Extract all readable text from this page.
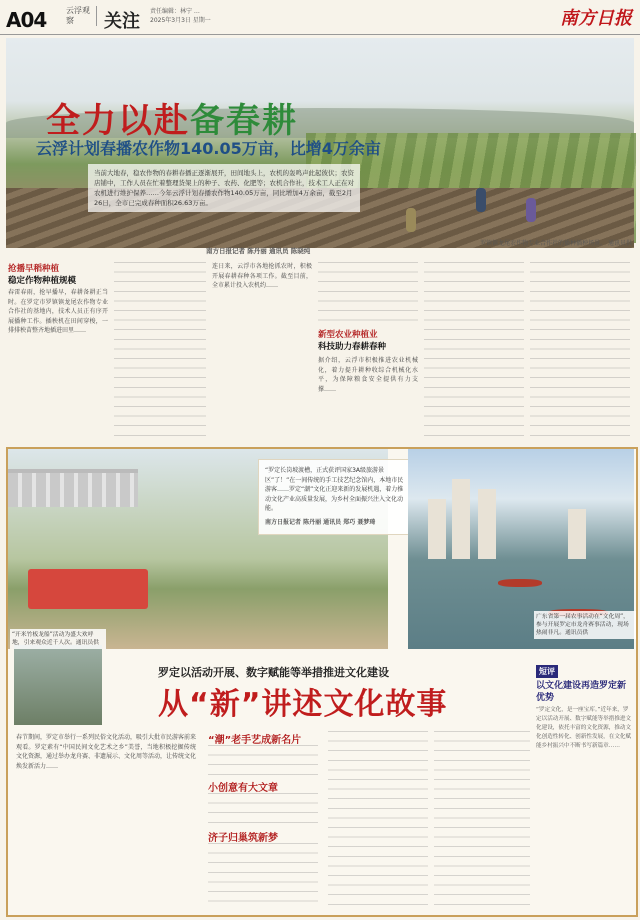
A04 云浮观察	关注 责任编辑：林宁 …
2025年3月3日 星期一	南方日报
全力以赴备春耕
云浮计划春播农作物140.05万亩，比增4万余亩
当前大地春，稳农作物的春耕春播正逐渐展开，田间地头上，农机的轰鸣声此起彼伏；农资店铺中，工作人员在忙着整理货架上的种子、农药、化肥等；农机合作社，技术工人正在对农机进行维护保养……今年云浮计划春播农作物140.05万亩，同比增加4万余亩，截至2月26日，全市已完成春种面积26.63万亩。
南方日报记者 陈丹丽 通讯员 陈晓纯
罗镇镇龙尾农作物专业合作社的播种插秧场景。 通讯员供
抢播早稻种植
稳定作物种植规模
春雷春雨，抢早播早，春耕备耕正当时。在罗定市罗镇镇龙尾农作物专业合作社的基地内，技术人员正有序开展播种工作。插秧机在田间穿梭，一排排秧苗整齐地插进田里……
连日来，云浮市各地抢抓农时，积极开展春耕春种各项工作。截至目前，全市累计投入农机约……
新型农业种植业
科技助力春耕春种
据介绍，云浮市积极推进农业机械化，着力提升耕种收综合机械化水平，为保障粮食安全提供有力支撑……
“罗定长岗坡渡槽，正式获评国家3A级旅游景区”了！”在一间传统的手工技艺纪念馆内，本地市民游客……罗定“潮”文化正迎来新的发展机遇，着力推动文化产业高质量发展，为乡村全面振兴注入文化动能。
南方日报记者 陈丹丽 通讯员 郑巧 聂梦琦
“开米竹板龙船”活动为盛大欢呼地，引来观众近千人次。通讯员供
广东省第一届农事活动在“文化周”，参与开展罗定市龙舟赛事活动，现场热闹非凡。通讯员供
罗定以活动开展、数字赋能等举措推进文化建设
从“新”讲述文化故事
“潮”老手艺成新名片
小创意有大文章
济子归巢筑新梦
春节期间，罗定市举行一系列民俗文化活动，吸引大批市民游客前来观看。罗定素有“中国民间文化艺术之乡”美誉，当地积极挖掘传统文化资源，通过举办龙舟赛、非遗展示、文化周等活动，让传统文化焕发新活力……
短评
以文化建设再造罗定新优势
“罗定文化，是一座宝库。”近年来，罗定以活动开展、数字赋能等举措推进文化建设，依托丰富的文化资源，推动文化创造性转化、创新性发展，在文化赋能乡村振兴中不断书写新篇章……
